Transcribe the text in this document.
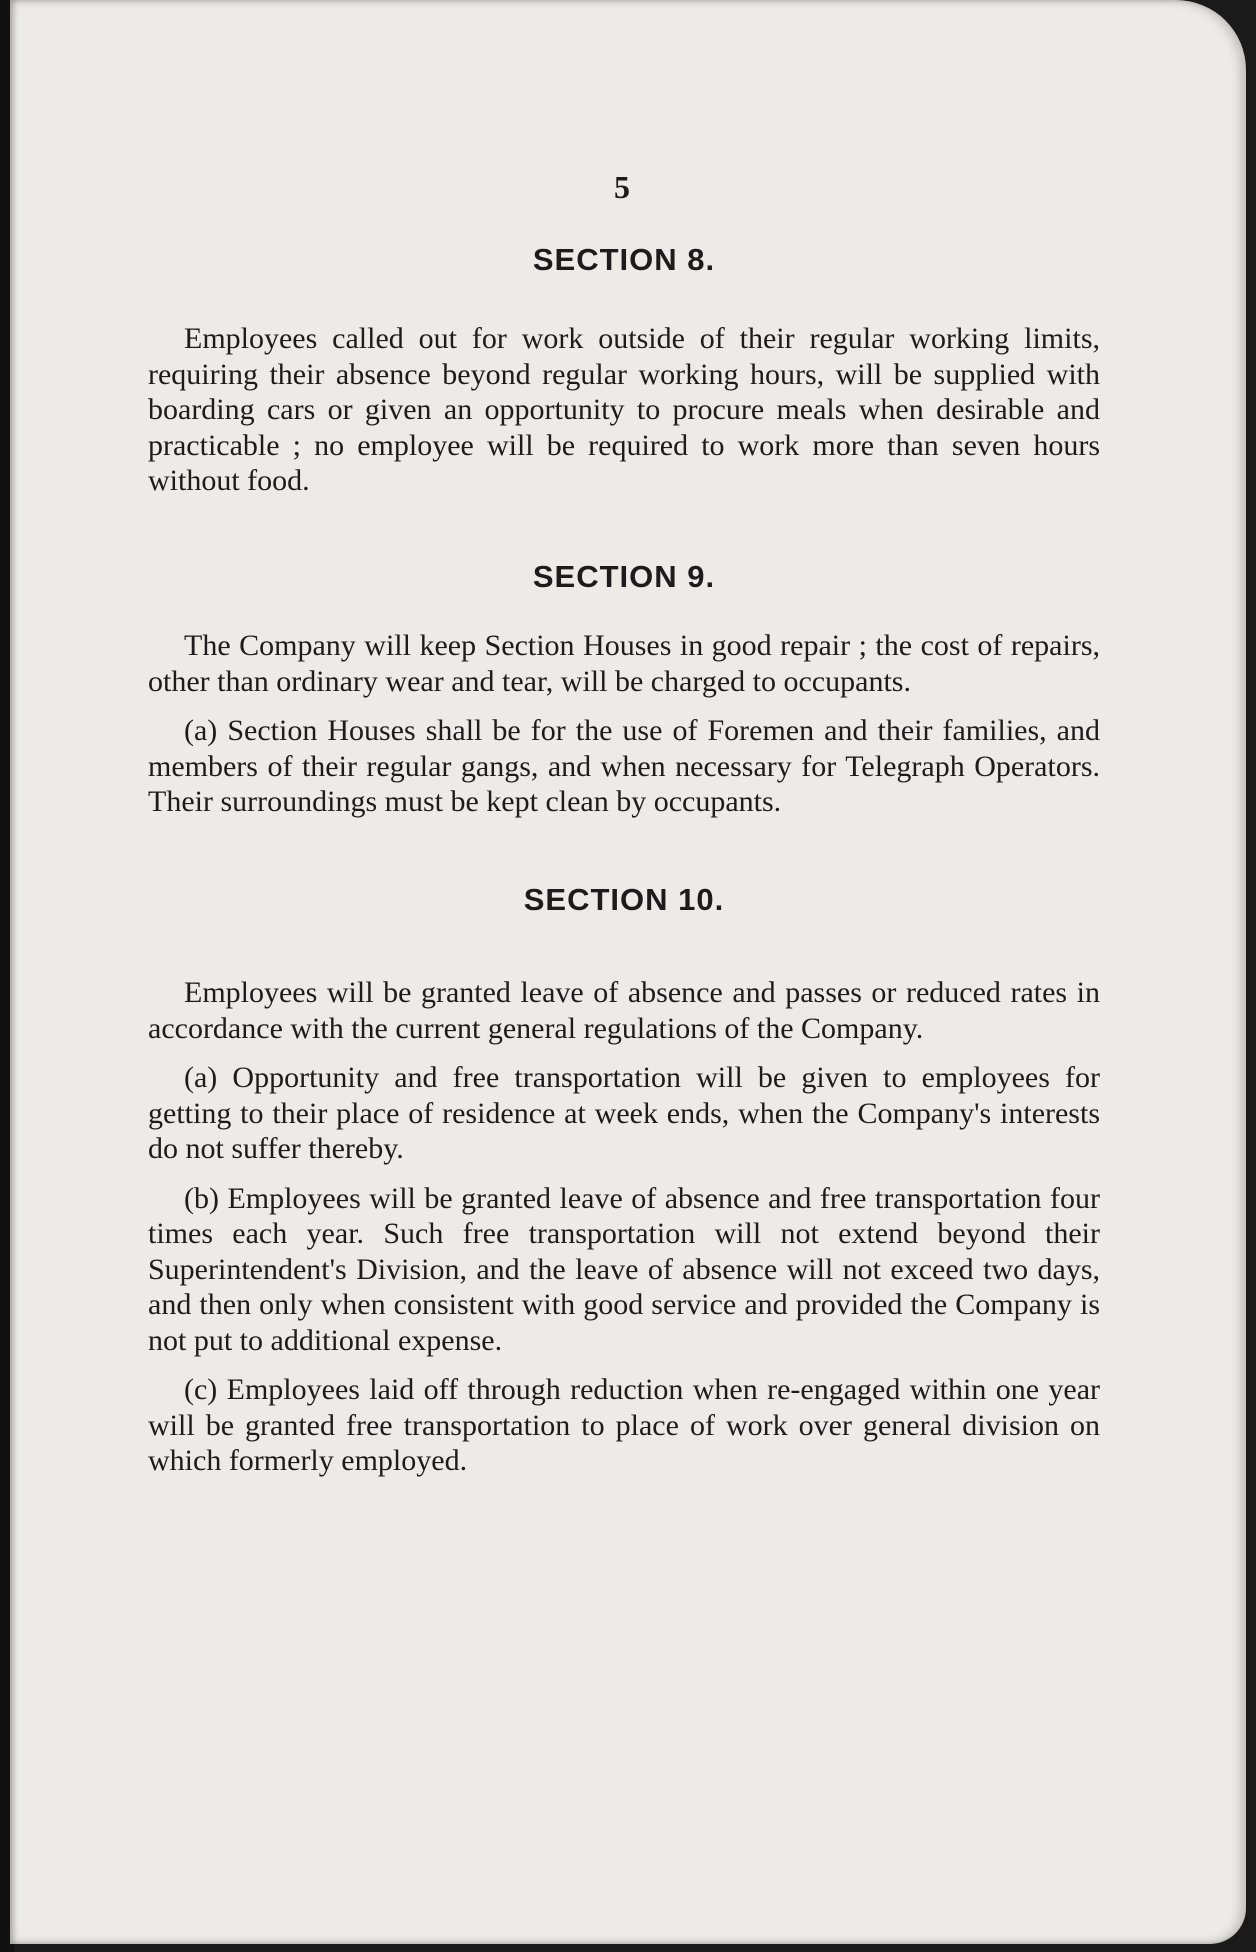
5
SECTION 8.

Employees called out for work outside of their regular working limits, requiring their absence beyond regular working hours, will be supplied with boarding cars or given an opportunity to procure meals when desirable and practicable ; no employee will be required to work more than seven hours without food.

SECTION 9.

The Company will keep Section Houses in good repair ; the cost of repairs, other than ordinary wear and tear, will be charged to occupants.

(a) Section Houses shall be for the use of Foremen and their families, and members of their regular gangs, and when necessary for Telegraph Operators. Their surroundings must be kept clean by occupants.

SECTION 10.

Employees will be granted leave of absence and passes or reduced rates in accordance with the current general regulations of the Company.

(a) Opportunity and free transportation will be given to employees for getting to their place of residence at week ends, when the Company's interests do not suffer thereby.

(b) Employees will be granted leave of absence and free transportation four times each year. Such free transportation will not extend beyond their Superintendent's Division, and the leave of absence will not exceed two days, and then only when consistent with good service and provided the Company is not put to additional expense.

(c) Employees laid off through reduction when re-engaged within one year will be granted free transportation to place of work over general division on which formerly employed.
